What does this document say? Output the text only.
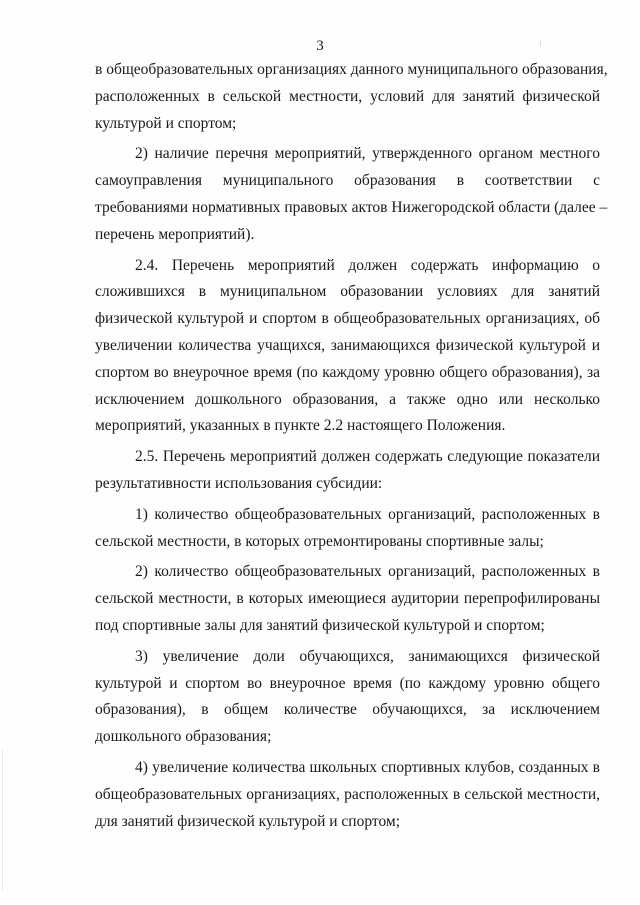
3
в общеобразовательных организациях данного муниципального образования,
расположенных в сельской местности, условий для занятий физической
культурой и спортом;
2) наличие перечня мероприятий, утвержденного органом местного
самоуправления муниципального образования в соответствии с
требованиями нормативных правовых актов Нижегородской области (далее –
перечень мероприятий).
2.4. Перечень мероприятий должен содержать информацию о
сложившихся в муниципальном образовании условиях для занятий
физической культурой и спортом в общеобразовательных организациях, об
увеличении количества учащихся, занимающихся физической культурой и
спортом во внеурочное время (по каждому уровню общего образования), за
исключением дошкольного образования, а также одно или несколько
мероприятий, указанных в пункте 2.2 настоящего Положения.
2.5. Перечень мероприятий должен содержать следующие показатели
результативности использования субсидии:
1) количество общеобразовательных организаций, расположенных в
сельской местности, в которых отремонтированы спортивные залы;
2) количество общеобразовательных организаций, расположенных в
сельской местности, в которых имеющиеся аудитории перепрофилированы
под спортивные залы для занятий физической культурой и спортом;
3) увеличение доли обучающихся, занимающихся физической
культурой и спортом во внеурочное время (по каждому уровню общего
образования), в общем количестве обучающихся, за исключением
дошкольного образования;
4) увеличение количества школьных спортивных клубов, созданных в
общеобразовательных организациях, расположенных в сельской местности,
для занятий физической культурой и спортом;
